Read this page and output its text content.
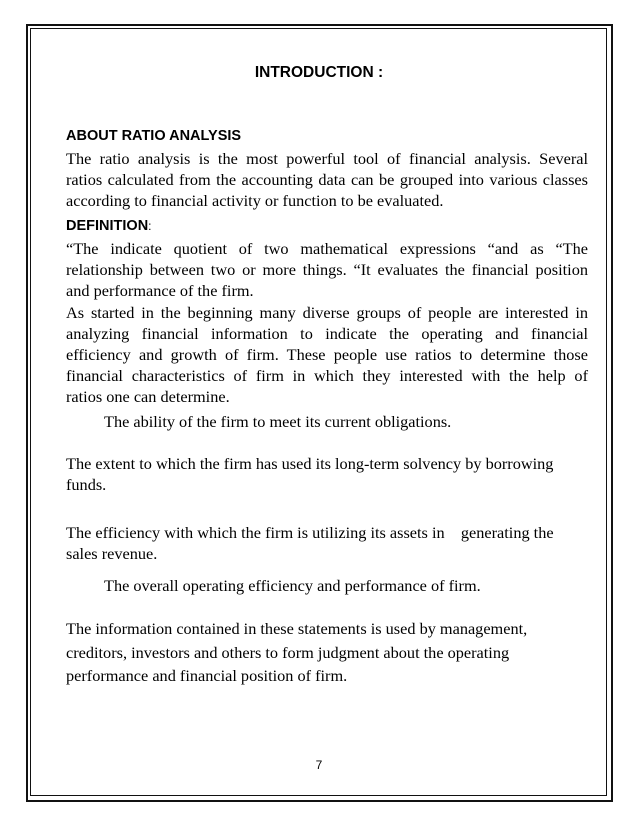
INTRODUCTION :
ABOUT RATIO ANALYSIS
The ratio analysis is the most powerful tool of financial analysis. Several
ratios calculated from the accounting data can be grouped into various classes
according to financial activity or function to be evaluated.
DEFINITION:
“The indicate quotient of two mathematical expressions “and as “The
relationship between two or more things. “It evaluates the financial position
and performance of the firm.
As started in the beginning many diverse groups of people are interested in
analyzing financial information to indicate the operating and financial
efficiency and growth of firm. These people use ratios to determine those
financial characteristics of firm in which they interested with the help of
ratios one can determine.
The ability of the firm to meet its current obligations.
The extent to which the firm has used its long-term solvency by borrowing
funds.
The efficiency with which the firm is utilizing its assets in    generating the
sales revenue.
The overall operating efficiency and performance of firm.
The information contained in these statements is used by management,
creditors, investors and others to form judgment about the operating
performance and financial position of firm.
7
